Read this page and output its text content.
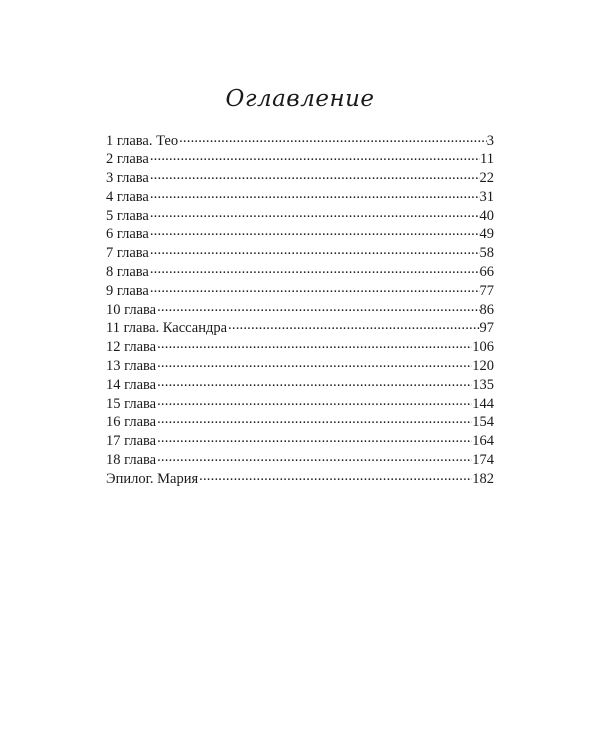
Оглавление
1 глава. Тео .....	3
2 глава .....	11
3 глава .....	22
4 глава .....	31
5 глава .....	40
6 глава .....	49
7 глава .....	58
8 глава .....	66
9 глава .....	77
10 глава .....	86
11 глава. Кассандра .....	97
12 глава .....	106
13 глава .....	120
14 глава .....	135
15 глава .....	144
16 глава .....	154
17 глава .....	164
18 глава .....	174
Эпилог. Мария .....	182
